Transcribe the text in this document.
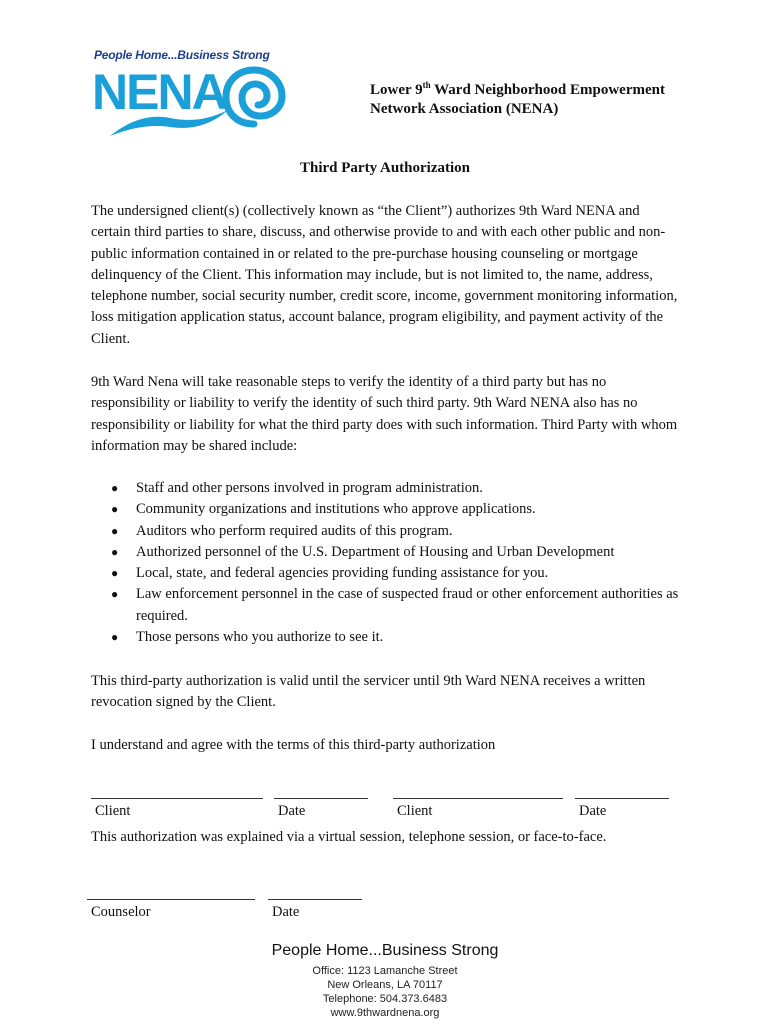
People Home...Business Strong
NENA	Lower 9th Ward Neighborhood Empowerment
Network Association (NENA)
Third Party Authorization
The undersigned client(s) (collectively known as “the Client”) authorizes 9th Ward NENA and certain third parties to share, discuss, and otherwise provide to and with each other public and non-public information contained in or related to the pre-purchase housing counseling or mortgage delinquency of the Client. This information may include, but is not limited to, the name, address, telephone number, social security number, credit score, income, government monitoring information, loss mitigation application status, account balance, program eligibility, and payment activity of the Client.
9th Ward Nena will take reasonable steps to verify the identity of a third party but has no responsibility or liability to verify the identity of such third party. 9th Ward NENA also has no responsibility or liability for what the third party does with such information. Third Party with whom information may be shared include:
● Staff and other persons involved in program administration.
● Community organizations and institutions who approve applications.
● Auditors who perform required audits of this program.
● Authorized personnel of the U.S. Department of Housing and Urban Development
● Local, state, and federal agencies providing funding assistance for you.
● Law enforcement personnel in the case of suspected fraud or other enforcement authorities as required.
● Those persons who you authorize to see it.
This third-party authorization is valid until the servicer until 9th Ward NENA receives a written revocation signed by the Client.
I understand and agree with the terms of this third-party authorization
Client	Date	Client	Date
This authorization was explained via a virtual session, telephone session, or face-to-face.
Counselor	Date
People Home...Business Strong
Office: 1123 Lamanche Street
New Orleans, LA 70117
Telephone: 504.373.6483
www.9thwardnena.org
